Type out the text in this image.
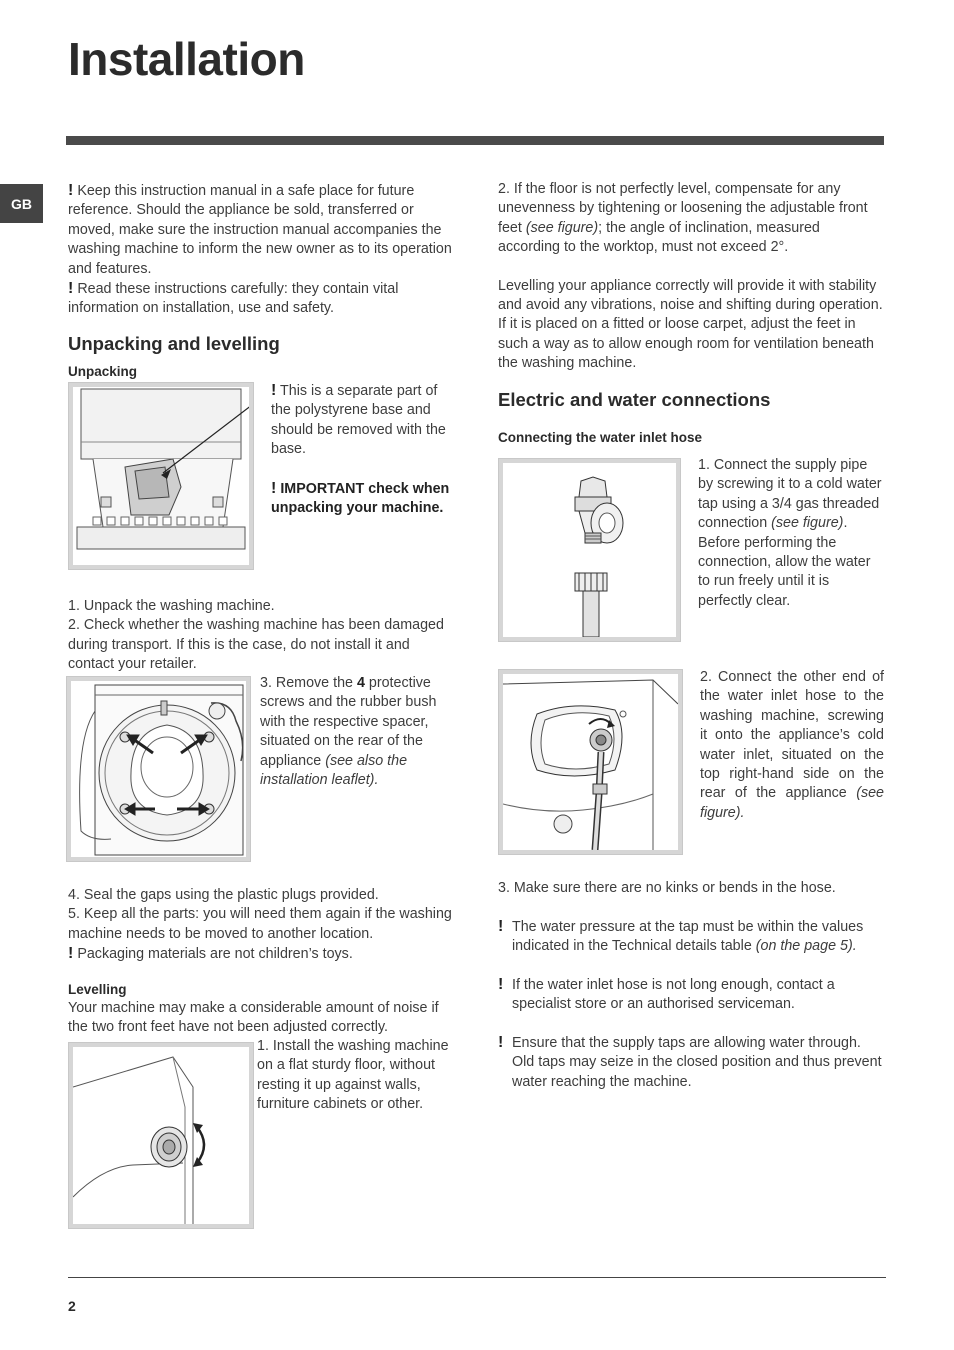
Installation
GB

! Keep this instruction manual in a safe place for future reference. Should the appliance be sold, transferred or moved, make sure the instruction manual accompanies the washing machine to inform the new owner as to its operation and features.

! Read these instructions carefully: they contain vital information on installation, use and safety.

Unpacking and levelling
Unpacking

! This is a separate part of the polystyrene base and should be removed with the base.

! IMPORTANT check when unpacking your machine.

1. Unpack the washing machine.

2. Check whether the washing machine has been damaged during transport. If this is the case, do not install it and contact your retailer.

3. Remove the 4 protective screws and the rubber bush with the respective spacer, situated on the rear of the appliance (see also the installation leaflet).

4. Seal the gaps using the plastic plugs provided.

5. Keep all the parts: you will need them again if the washing machine needs to be moved to another location.

! Packaging materials are not children’s toys.

Levelling

Your machine may make a considerable amount of noise if the two front feet have not been adjusted correctly.

1. Install the washing machine on a flat sturdy floor, without resting it up against walls, furniture cabinets or other.

2. If the floor is not perfectly level, compensate for any unevenness by tightening or loosening the adjustable front feet (see figure); the angle of inclination, measured according to the worktop, must not exceed 2°.

Levelling your appliance correctly will provide it with stability and avoid any vibrations, noise and shifting during operation. If it is placed on a fitted or loose carpet, adjust the feet in such a way as to allow enough room for ventilation beneath the washing machine.

Electric and water connections
Connecting the water inlet hose

1. Connect the supply pipe by screwing it to a cold water tap using a 3/4 gas threaded connection (see figure).

Before performing the connection, allow the water to run freely until it is perfectly clear.

2. Connect the other end of the water inlet hose to the washing machine, screwing it onto the appliance’s cold water inlet, situated on the top right-hand side on the rear of the appliance (see figure).

3. Make sure there are no kinks or bends in the hose.

! The water pressure at the tap must be within the values indicated in the Technical details table (on the page 5).

! If the water inlet hose is not long enough, contact a specialist store or an authorised serviceman.

! Ensure that the supply taps are allowing water through. Old taps may seize in the closed position and thus prevent water reaching the machine.

2
